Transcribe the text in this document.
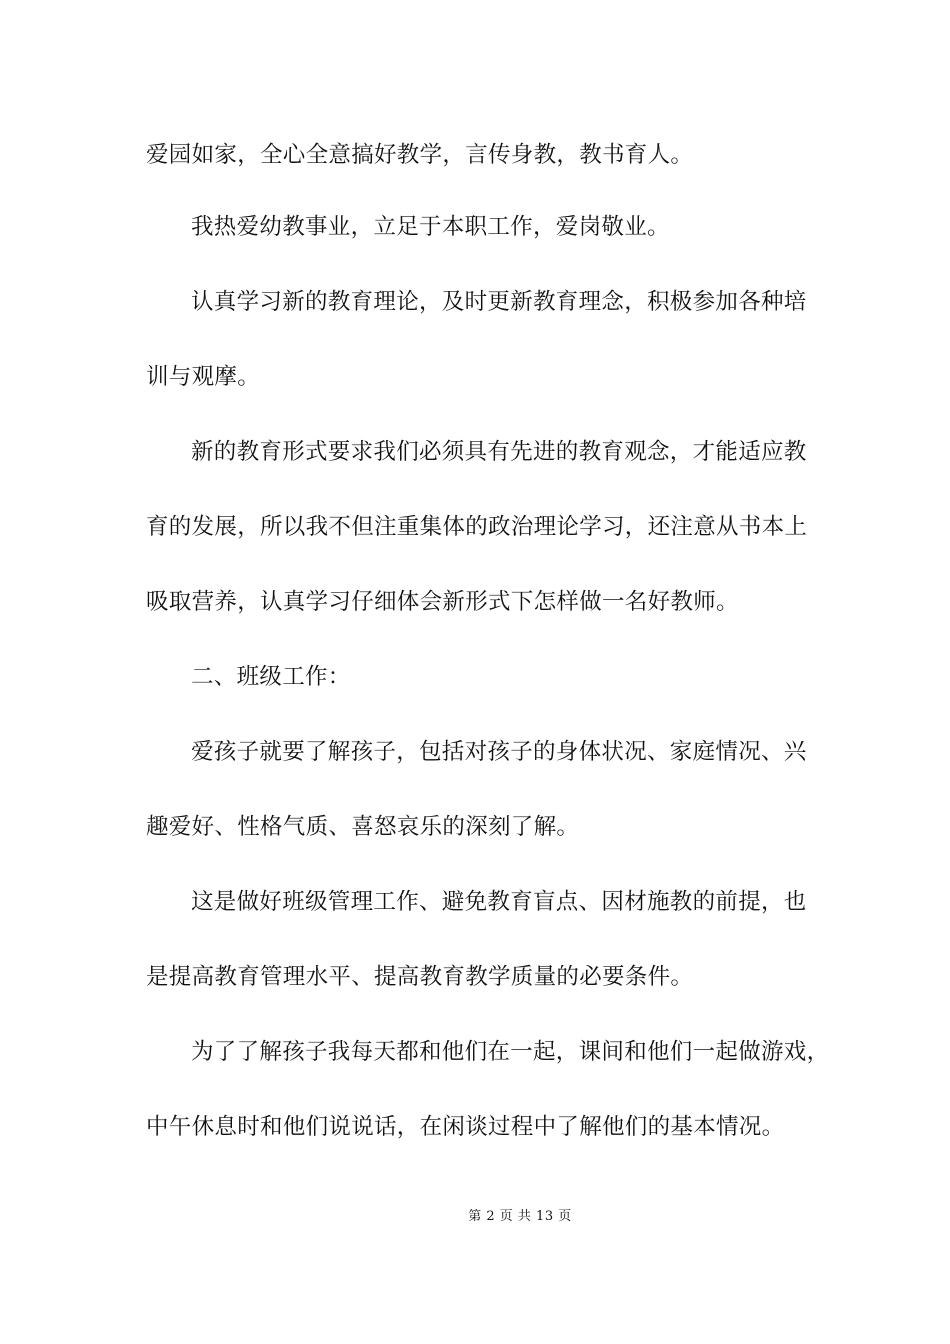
爱园如家，全心全意搞好教学，言传身教，教书育人。
我热爱幼教事业，立足于本职工作，爱岗敬业。
认真学习新的教育理论，及时更新教育理念，积极参加各种培
训与观摩。
新的教育形式要求我们必须具有先进的教育观念，才能适应教
育的发展，所以我不但注重集体的政治理论学习，还注意从书本上
吸取营养，认真学习仔细体会新形式下怎样做一名好教师。
二、班级工作：
爱孩子就要了解孩子，包括对孩子的身体状况、家庭情况、兴
趣爱好、性格气质、喜怒哀乐的深刻了解。
这是做好班级管理工作、避免教育盲点、因材施教的前提，也
是提高教育管理水平、提高教育教学质量的必要条件。
为了了解孩子我每天都和他们在一起，课间和他们一起做游戏，
中午休息时和他们说说话，在闲谈过程中了解他们的基本情况。
第 2 页 共 13 页
